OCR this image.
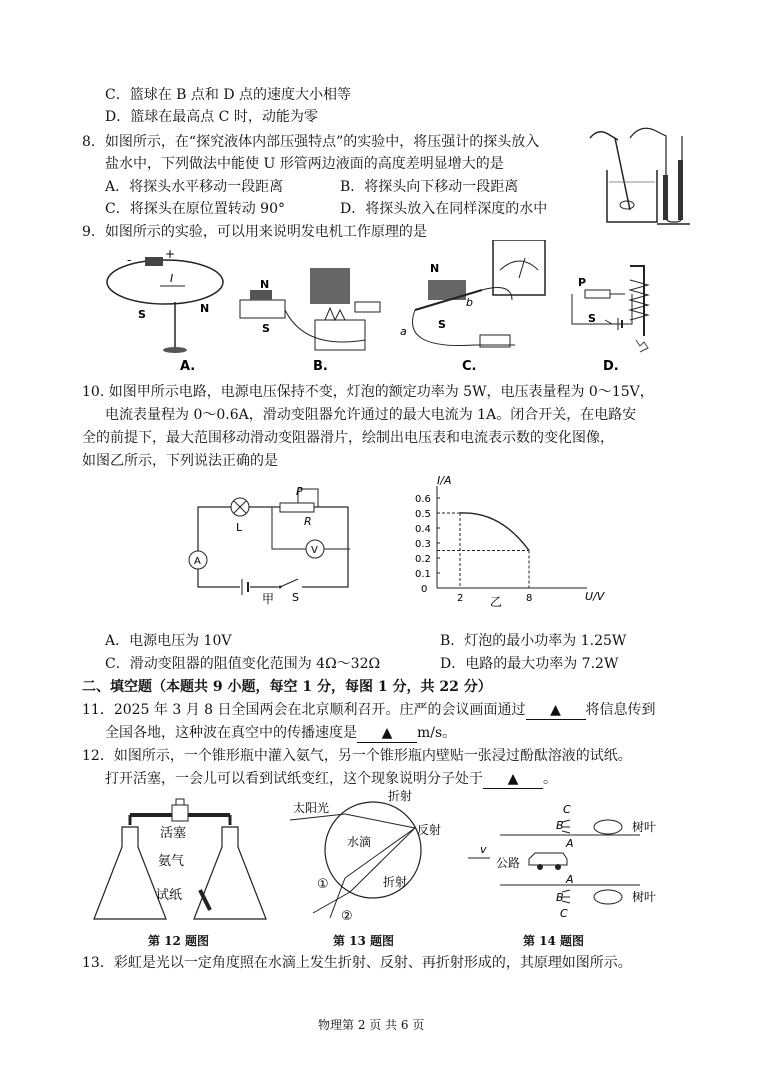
C．篮球在 B 点和 D 点的速度大小相等
D．篮球在最高点 C 时，动能为零
8．如图所示，在“探究液体内部压强特点”的实验中，将压强计的探头放入
盐水中，下列做法中能使 U 形管两边液面的高度差明显增大的是
A．将探头水平移动一段距离	B．将探头向下移动一段距离
C．将探头在原位置转动 90°	D．将探头放入在同样深度的水中
9．如图所示的实验，可以用来说明发电机工作原理的是
-	+
I
S	N
N
S
N
S
a
b
P
S
A.	B.	C.	D.
10. 如图甲所示电路，电源电压保持不变，灯泡的额定功率为 5W，电压表量程为 0～15V，
电流表量程为 0～0.6A，滑动变阻器允许通过的最大电流为 1A。闭合开关，在电路安
全的前提下，最大范围移动滑动变阻器滑片，绘制出电压表和电流表示数的变化图像，
如图乙所示，下列说法正确的是
L
P
R
V
A
S
甲
0.6
0.5
0.4
0.3
0.2
0.1
2	8
I/A
U/V
0
乙
A．电源电压为 10V	B．灯泡的最小功率为 1.25W
C．滑动变阻器的阻值变化范围为 4Ω～32Ω	D．电路的最大功率为 7.2W
二、填空题（本题共 9 小题，每空 1 分，每图 1 分，共 22 分）
11．2025 年 3 月 8 日全国两会在北京顺利召开。庄严的会议画面通过 ▲ 将信息传到
全国各地，这种波在真空中的传播速度是 ▲ m/s。
12．如图所示，一个锥形瓶中灌入氨气，另一个锥形瓶内壁贴一张浸过酚酞溶液的试纸。
打开活塞，一会儿可以看到试纸变红，这个现象说明分子处于 ▲ 。
活塞
氨气
试纸
第 12 题图
太阳光
折射
水滴
反射
折射
①
②
第 13 题图
C
B
A
A
B
C
树叶
树叶
v
公路
第 14 题图
13．彩虹是光以一定角度照在水滴上发生折射、反射、再折射形成的，其原理如图所示。
物理第 2 页 共 6 页
